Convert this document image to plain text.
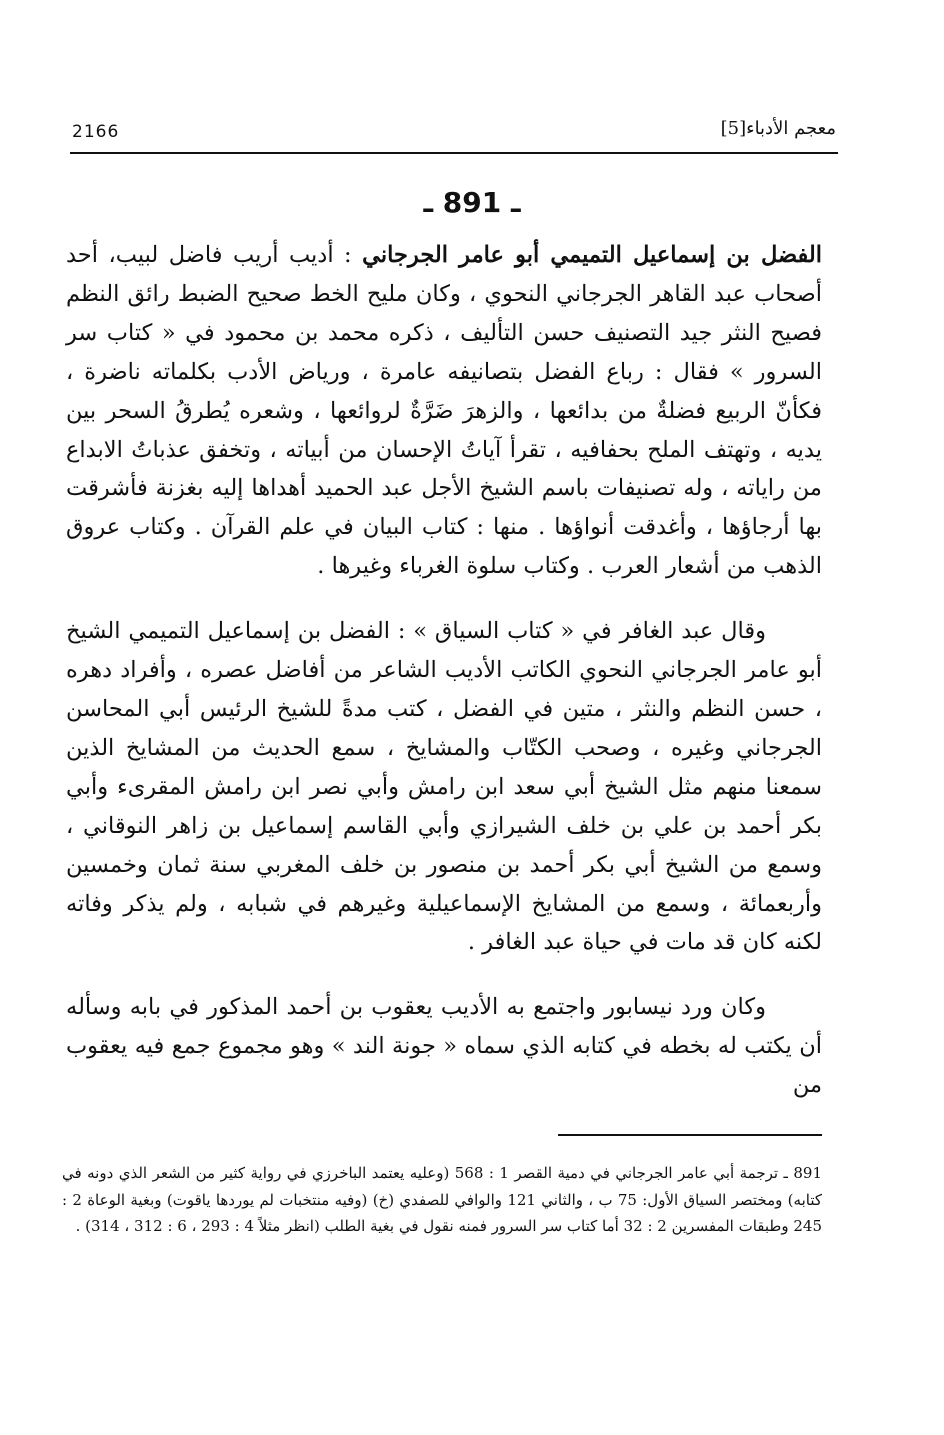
2166	معجم الأدباء[5]
ـ 891 ـ

الفضل بن إسماعيل التميمي أبو عامر الجرجاني : أديب أريب فاضل لبيب، أحد أصحاب عبد القاهر الجرجاني النحوي ، وكان مليح الخط صحيح الضبط رائق النظم فصيح النثر جيد التصنيف حسن التأليف ، ذكره محمد بن محمود في « كتاب سر السرور » فقال : رباع الفضل بتصانيفه عامرة ، ورياض الأدب بكلماته ناضرة ، فكأنّ الربيع فضلةٌ من بدائعها ، والزهرَ ضَرَّةٌ لروائعها ، وشعره يُطرقُ السحر بين يديه ، وتهتف الملح بحفافيه ، تقرأ آياتُ الإحسان من أبياته ، وتخفق عذباتُ الابداع من راياته ، وله تصنيفات باسم الشيخ الأجل عبد الحميد أهداها إليه بغزنة فأشرقت بها أرجاؤها ، وأغدقت أنواؤها . منها : كتاب البيان في علم القرآن . وكتاب عروق الذهب من أشعار العرب . وكتاب سلوة الغرباء وغيرها .

وقال عبد الغافر في « كتاب السياق » : الفضل بن إسماعيل التميمي الشيخ أبو عامر الجرجاني النحوي الكاتب الأديب الشاعر من أفاضل عصره ، وأفراد دهره ، حسن النظم والنثر ، متين في الفضل ، كتب مدةً للشيخ الرئيس أبي المحاسن الجرجاني وغيره ، وصحب الكتّاب والمشايخ ، سمع الحديث من المشايخ الذين سمعنا منهم مثل الشيخ أبي سعد ابن رامش وأبي نصر ابن رامش المقرىء وأبي بكر أحمد بن علي بن خلف الشيرازي وأبي القاسم إسماعيل بن زاهر النوقاني ، وسمع من الشيخ أبي بكر أحمد بن منصور بن خلف المغربي سنة ثمان وخمسين وأربعمائة ، وسمع من المشايخ الإسماعيلية وغيرهم في شبابه ، ولم يذكر وفاته لكنه كان قد مات في حياة عبد الغافر .

وكان ورد نيسابور واجتمع به الأديب يعقوب بن أحمد المذكور في بابه وسأله أن يكتب له بخطه في كتابه الذي سماه « جونة الند » وهو مجموع جمع فيه يعقوب من

891 ـ ترجمة أبي عامر الجرجاني في دمية القصر 1 : 568 (وعليه يعتمد الباخرزي في رواية كثير من الشعر الذي دونه في كتابه) ومختصر السياق الأول: 75 ب ، والثاني 121 والوافي للصفدي (خ) (وفيه منتخبات لم يوردها ياقوت) وبغية الوعاة 2 : 245 وطبقات المفسرين 2 : 32 أما كتاب سر السرور فمنه نقول في بغية الطلب (انظر مثلاً 4 : 293 ، 6 : 312 ، 314) .
